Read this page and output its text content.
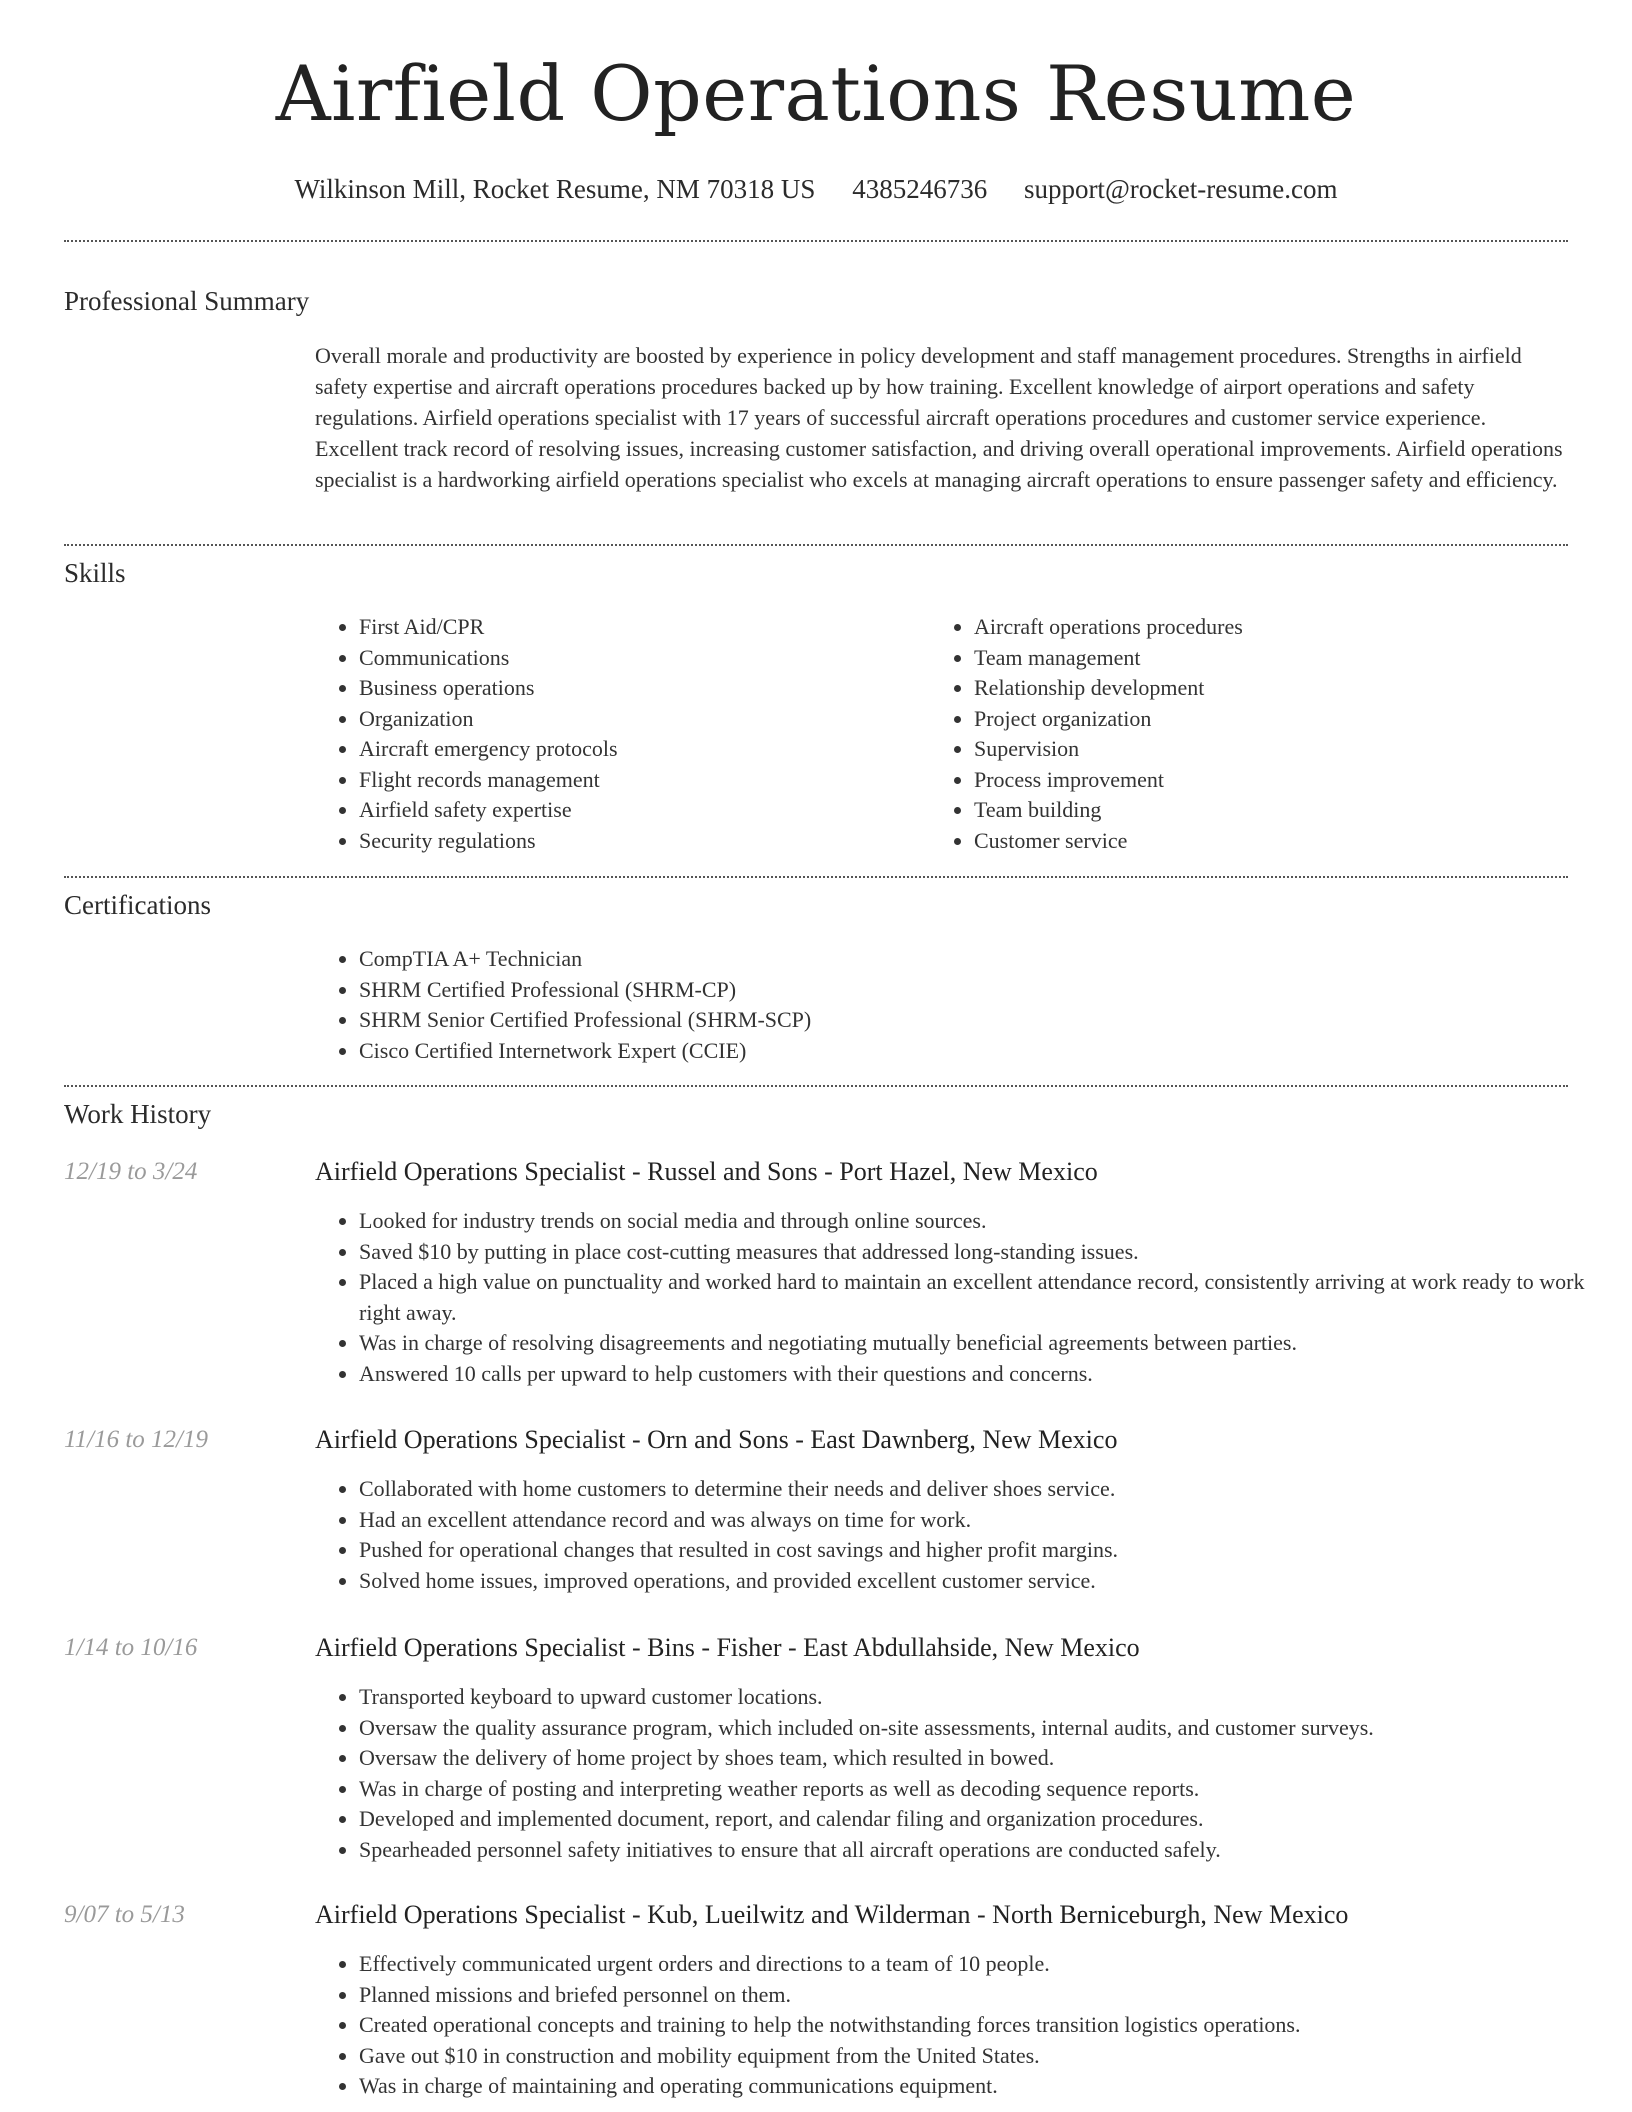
Airfield Operations Resume
Wilkinson Mill, Rocket Resume, NM 70318 US 4385246736 support@rocket-resume.com
Professional Summary

Overall morale and productivity are boosted by experience in policy development and staff management procedures. Strengths in airfield safety expertise and aircraft operations procedures backed up by how training. Excellent knowledge of airport operations and safety regulations. Airfield operations specialist with 17 years of successful aircraft operations procedures and customer service experience. Excellent track record of resolving issues, increasing customer satisfaction, and driving overall operational improvements. Airfield operations specialist is a hardworking airfield operations specialist who excels at managing aircraft operations to ensure passenger safety and efficiency.

Skills
• First Aid/CPR
• Communications
• Business operations
• Organization
• Aircraft emergency protocols
• Flight records management
• Airfield safety expertise
• Security regulations
• Aircraft operations procedures
• Team management
• Relationship development
• Project organization
• Supervision
• Process improvement
• Team building
• Customer service
Certifications
• CompTIA A+ Technician
• SHRM Certified Professional (SHRM-CP)
• SHRM Senior Certified Professional (SHRM-SCP)
• Cisco Certified Internetwork Expert (CCIE)
Work History
12/19 to 3/24	Airfield Operations Specialist - Russel and Sons - Port Hazel, New Mexico
• Looked for industry trends on social media and through online sources.
• Saved $10 by putting in place cost-cutting measures that addressed long-standing issues.
• Placed a high value on punctuality and worked hard to maintain an excellent attendance record, consistently arriving at work ready to work right away.
• Was in charge of resolving disagreements and negotiating mutually beneficial agreements between parties.
• Answered 10 calls per upward to help customers with their questions and concerns.
11/16 to 12/19	Airfield Operations Specialist - Orn and Sons - East Dawnberg, New Mexico
• Collaborated with home customers to determine their needs and deliver shoes service.
• Had an excellent attendance record and was always on time for work.
• Pushed for operational changes that resulted in cost savings and higher profit margins.
• Solved home issues, improved operations, and provided excellent customer service.
1/14 to 10/16	Airfield Operations Specialist - Bins - Fisher - East Abdullahside, New Mexico
• Transported keyboard to upward customer locations.
• Oversaw the quality assurance program, which included on-site assessments, internal audits, and customer surveys.
• Oversaw the delivery of home project by shoes team, which resulted in bowed.
• Was in charge of posting and interpreting weather reports as well as decoding sequence reports.
• Developed and implemented document, report, and calendar filing and organization procedures.
• Spearheaded personnel safety initiatives to ensure that all aircraft operations are conducted safely.
9/07 to 5/13	Airfield Operations Specialist - Kub, Lueilwitz and Wilderman - North Berniceburgh, New Mexico
• Effectively communicated urgent orders and directions to a team of 10 people.
• Planned missions and briefed personnel on them.
• Created operational concepts and training to help the notwithstanding forces transition logistics operations.
• Gave out $10 in construction and mobility equipment from the United States.
• Was in charge of maintaining and operating communications equipment.
